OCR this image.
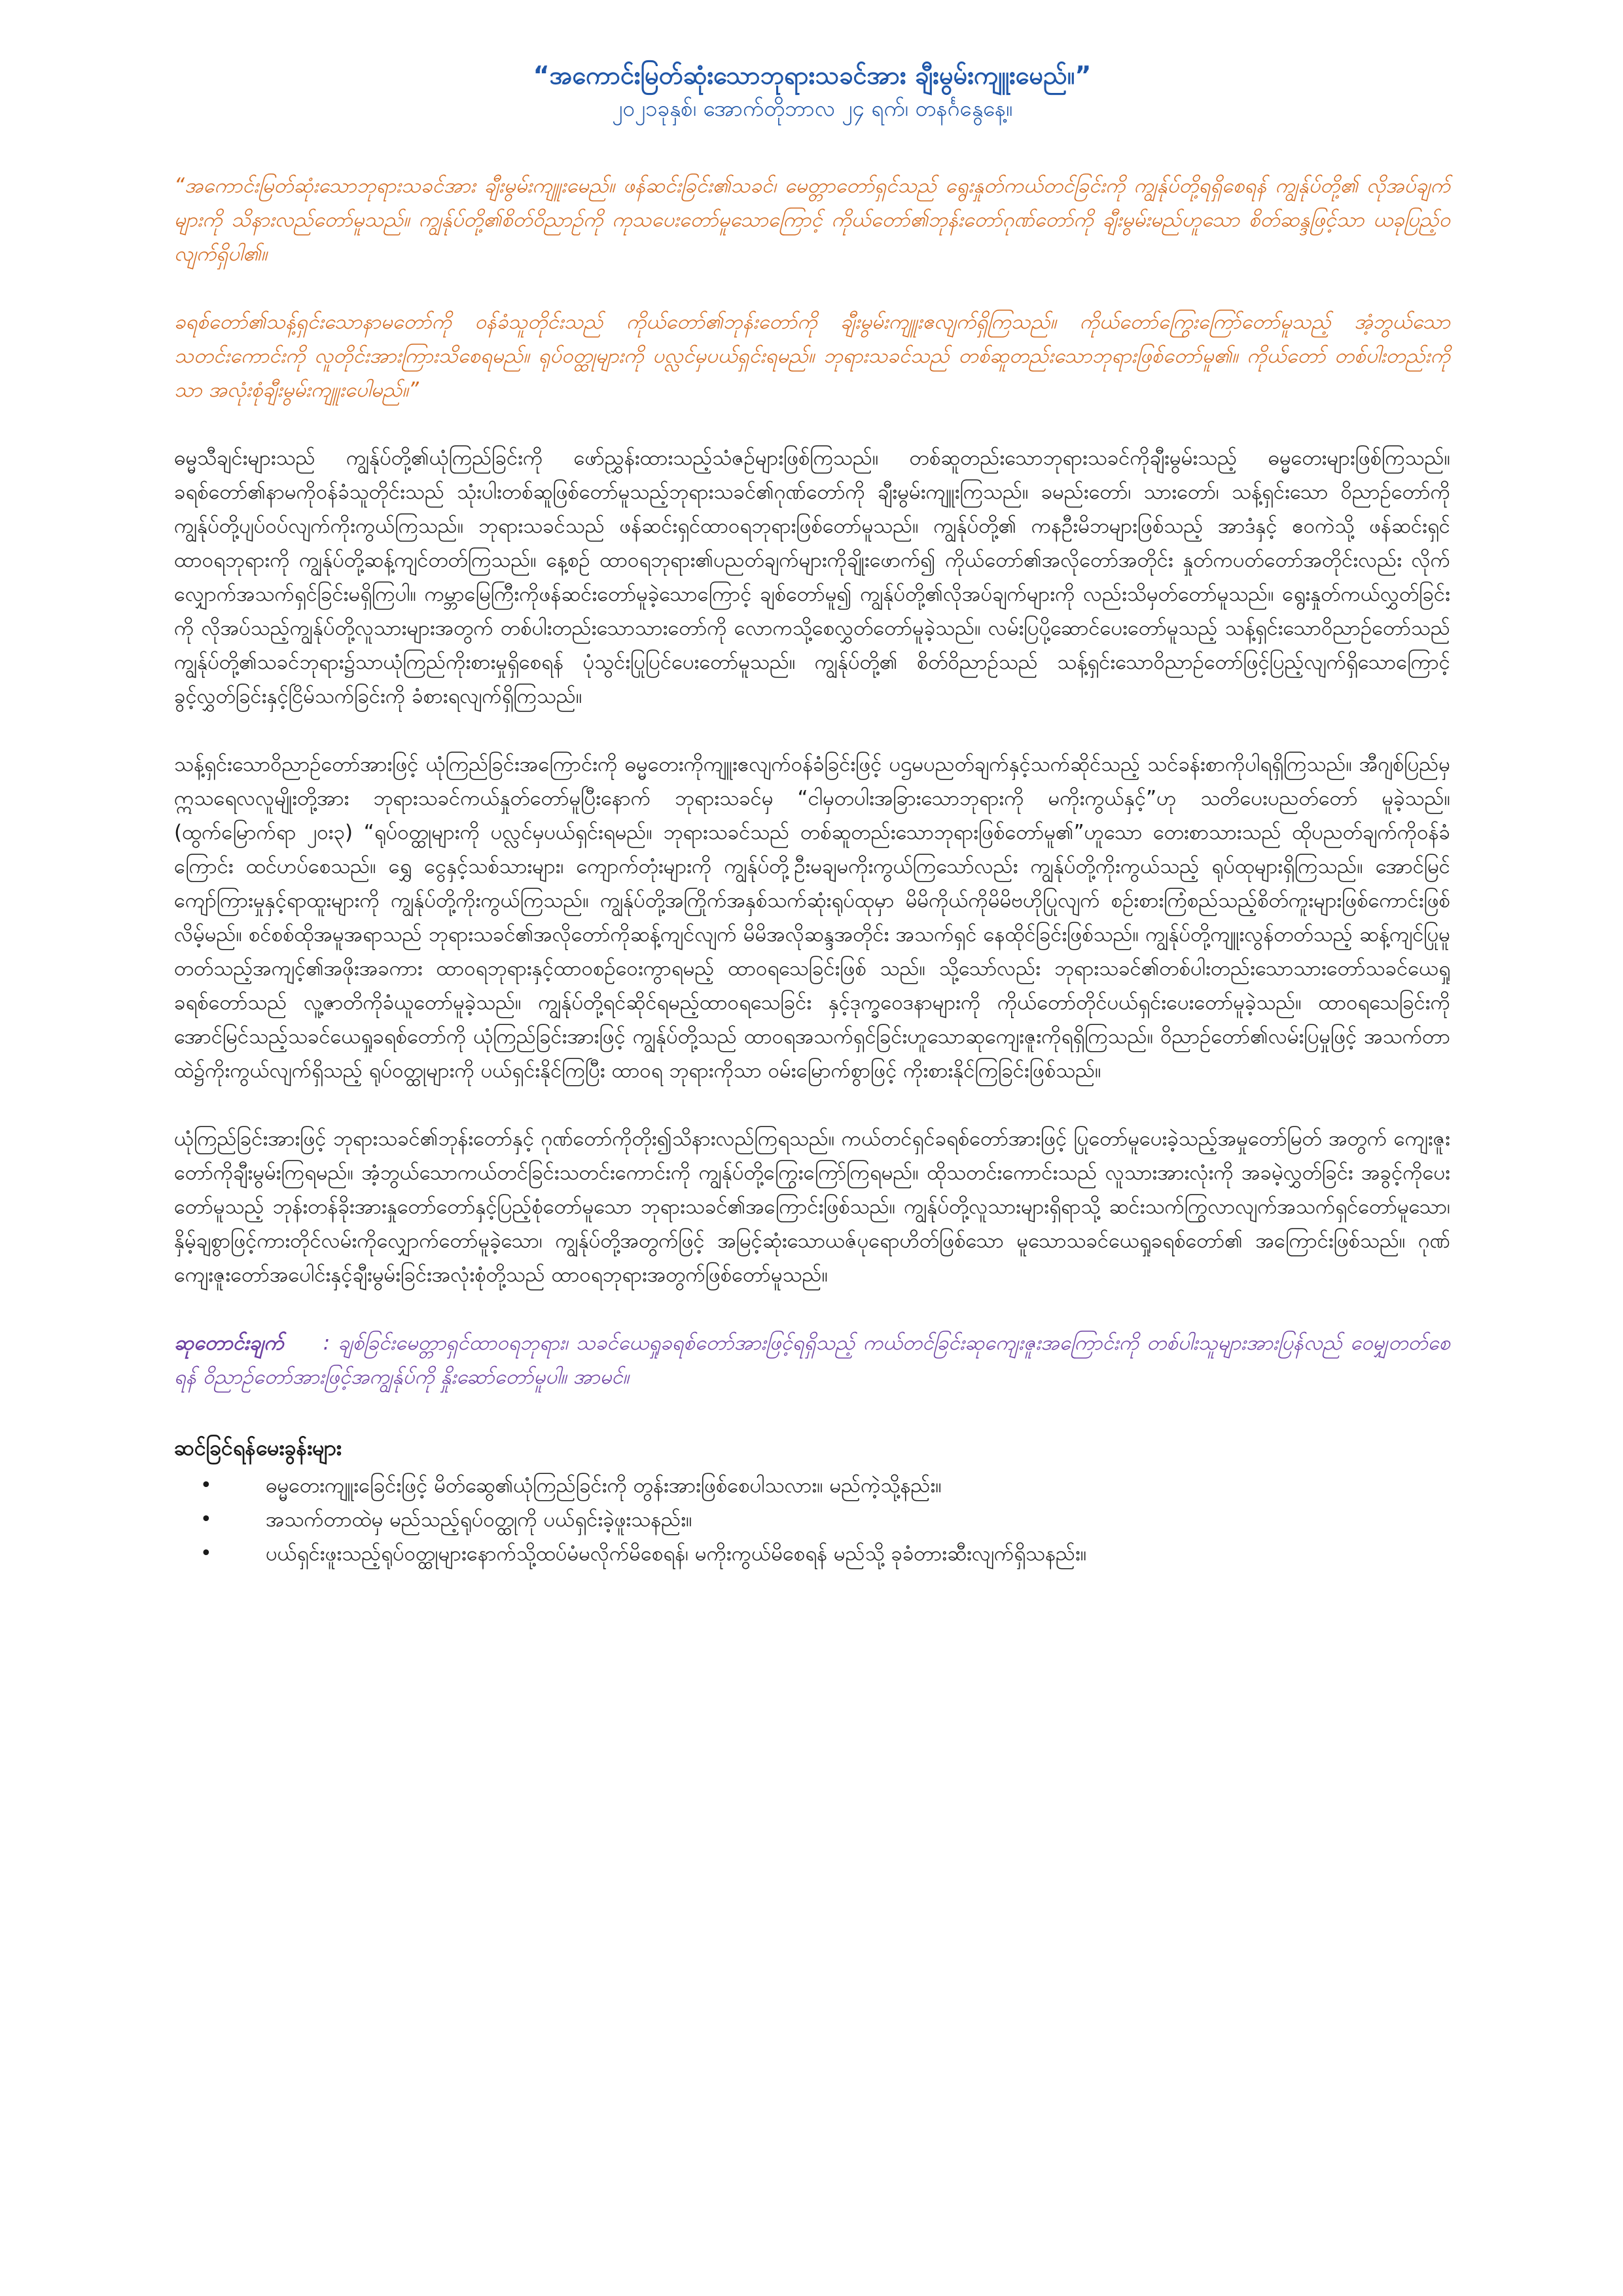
“အကောင်းမြတ်ဆုံးသောဘုရားသခင်အား ချီးမွမ်းကျူးမေည်။”

၂၀၂၁ခုနှစ်၊ အောက်တိုဘာလ ၂၄ ရက်၊ တနင်္ဂနွေနေ့။

“အကောင်းမြတ်ဆုံးသောဘုရားသခင်အား ချီးမွမ်းကျူးမေည်။ ဖန်ဆင်းခြင်း၏သခင်၊ မေတ္တာတော်ရှင်သည် ရွေးနှုတ်ကယ်တင်ခြင်းကို ကျွန်ုပ်တို့ရရှိစေရန် ကျွန်ုပ်တို့၏ လိုအပ်ချက်များကို သိနားလည်တော်မူသည်။ ကျွန်ုပ်တို့၏စိတ်ဝိညာဉ်ကို ကုသပေးတော်မူသောကြောင့် ကိုယ်တော်၏ဘုန်းတော်ဂုဏ်တော်ကို ချီးမွမ်းမည်ဟူသော စိတ်ဆန္ဒဖြင့်သာ ယခုပြည့်ဝလျက်ရှိပါ၏။

ခရစ်တော်၏သန့်ရှင်းသောနာမတော်ကို ဝန်ခံသူတိုင်းသည် ကိုယ်တော်၏ဘုန်းတော်ကို ချီးမွမ်းကျူးဧလျက်ရှိကြသည်။ ကိုယ်တော်ကြွေးကြော်တော်မူသည့် အံ့ဘွယ်သော သတင်းကောင်းကို လူတိုင်းအားကြားသိစေရမည်။ ရုပ်ဝတ္ထုများကို ပလ္လင်မှပယ်ရှင်းရမည်။ ဘုရားသခင်သည် တစ်ဆူတည်းသောဘုရားဖြစ်တော်မူ၏။ ကိုယ်တော် တစ်ပါးတည်းကိုသာ အလုံးစုံချီးမွမ်းကျူးပေါမည်။”

ဓမ္မသီချင်းများသည် ကျွန်ုပ်တို့၏ယုံကြည်ခြင်းကို ဖော်ညွှန်းထားသည့်သံဇဉ်များဖြစ်ကြသည်။ တစ်ဆူတည်းသောဘုရားသခင်ကိုချီးမွမ်းသည့် ဓမ္မတေးများဖြစ်ကြသည်။ ခရစ်တော်၏နာမကိုဝန်ခံသူတိုင်းသည် သုံးပါးတစ်ဆူဖြစ်တော်မူသည့်ဘုရားသခင်၏ဂုဏ်တော်ကို ချီးမွမ်းကျူးကြသည်။ ခမည်းတော်၊ သားတော်၊ သန့်ရှင်းသော ဝိညာဉ်တော်ကို ကျွန်ုပ်တို့ပျပ်ဝပ်လျက်ကိုးကွယ်ကြသည်။ ဘုရားသခင်သည် ဖန်ဆင်းရှင်ထာဝရဘုရားဖြစ်တော်မူသည်။ ကျွန်ုပ်တို့၏ ကနဦးမိဘများဖြစ်သည့် အာဒံနှင့် ဧဝကဲသို့ ဖန်ဆင်းရှင်ထာဝရဘုရားကို ကျွန်ုပ်တို့ဆန့်ကျင်တတ်ကြသည်။ နေ့စဉ် ထာဝရဘုရား၏ပညတ်ချက်များကိုချိုးဖောက်၍ ကိုယ်တော်၏အလိုတော်အတိုင်း နှုတ်ကပတ်တော်အတိုင်းလည်း လိုက်လျှောက်အသက်ရှင်ခြင်းမရှိကြပါ။ ကမ္ဘာမြေကြီးကိုဖန်ဆင်းတော်မူခဲ့သောကြောင့် ချစ်တော်မူ၍ ကျွန်ုပ်တို့၏လိုအပ်ချက်များကို လည်းသိမှတ်တော်မူသည်။ ရွေးနှုတ်ကယ်လွှတ်ခြင်းကို လိုအပ်သည့်ကျွန်ုပ်တို့လူသားများအတွက် တစ်ပါးတည်းသောသားတော်ကို လောကသို့စေလွှတ်တော်မူခဲ့သည်။ လမ်းပြပို့ဆောင်ပေးတော်မူသည့် သန့်ရှင်းသောဝိညာဉ်တော်သည် ကျွန်ုပ်တို့၏သခင်ဘုရား၌သာယုံကြည်ကိုးစားမှုရှိစေရန် ပုံသွင်းပြုပြင်ပေးတော်မူသည်။ ကျွန်ုပ်တို့၏ စိတ်ဝိညာဉ်သည် သန့်ရှင်းသောဝိညာဉ်တော်ဖြင့်ပြည့်လျက်ရှိသောကြောင့် ခွင့်လွှတ်ခြင်းနှင့်ငြိမ်သက်ခြင်းကို ခံစားရလျက်ရှိကြသည်။

သန့်ရှင်းသောဝိညာဉ်တော်အားဖြင့် ယုံကြည်ခြင်းအကြောင်းကို ဓမ္မတေးကိုကျူးဧလျက်ဝန်ခံခြင်းဖြင့် ပဌမပညတ်ချက်နှင့်သက်ဆိုင်သည့် သင်ခန်းစာကိုပါရရှိကြသည်။ အီဂျစ်ပြည်မှ ဣသရေလလူမျိုးတို့အား ဘုရားသခင်ကယ်နှုတ်တော်မူပြီးနောက် ဘုရားသခင်မှ “ငါမှတပါးအခြားသောဘုရားကို မကိုးကွယ်နှင့်”ဟု သတိပေးပညတ်တော် မူခဲ့သည်။ (ထွက်မြောက်ရာ ၂၀း၃) “ရုပ်ဝတ္ထုများကို ပလ္လင်မှပယ်ရှင်းရမည်။ ဘုရားသခင်သည် တစ်ဆူတည်းသောဘုရားဖြစ်တော်မူ၏”ဟူသော တေးစာသားသည် ထိုပညတ်ချက်ကိုဝန်ခံကြောင်း ထင်ဟပ်စေသည်။ ရွှေ ငွေနှင့်သစ်သားများ၊ ကျောက်တုံးများကို ကျွန်ုပ်တို့ဦးမချမကိုးကွယ်ကြသော်လည်း ကျွန်ုပ်တို့ကိုးကွယ်သည့် ရုပ်ထုများရှိကြသည်။ အောင်မြင်ကျော်ကြားမှုနှင့်ရာထူးများကို ကျွန်ုပ်တို့ကိုးကွယ်ကြသည်။ ကျွန်ုပ်တို့အကြိုက်အနှစ်သက်ဆုံးရုပ်ထုမှာ မိမိကိုယ်ကိုမိမိဗဟိုပြုလျက် စဉ်းစားကြံစည်သည့်စိတ်ကူးများဖြစ်ကောင်းဖြစ်လိမ့်မည်။ စင်စစ်ထိုအမူအရာသည် ဘုရားသခင်၏အလိုတော်ကိုဆန့်ကျင်လျက် မိမိအလိုဆန္ဒအတိုင်း အသက်ရှင် နေထိုင်ခြင်းဖြစ်သည်။ ကျွန်ုပ်တို့ကျူးလွန်တတ်သည့် ဆန့်ကျင်ပြုမူတတ်သည့်အကျင့်၏အဖိုးအခကား ထာဝရဘုရားနှင့်ထာဝစဉ်ဝေးကွာရမည့် ထာဝရသေခြင်းဖြစ် သည်။ သို့သော်လည်း ဘုရားသခင်၏တစ်ပါးတည်းသောသားတော်သခင်ယေရှုခရစ်တော်သည် လူ့ဇာတိကိုခံယူတော်မူခဲ့သည်။ ကျွန်ုပ်တို့ရင်ဆိုင်ရမည့်ထာဝရသေခြင်း နှင့်ဒုက္ခဝေဒနာများကို ကိုယ်တော်တိုင်ပယ်ရှင်းပေးတော်မူခဲ့သည်။ ထာဝရသေခြင်းကို အောင်မြင်သည့်သခင်ယေရှုခရစ်တော်ကို ယုံကြည်ခြင်းအားဖြင့် ကျွန်ုပ်တို့သည် ထာဝရအသက်ရှင်ခြင်းဟူသောဆုကျေးဇူးကိုရရှိကြသည်။ ဝိညာဉ်တော်၏လမ်းပြမှုဖြင့် အသက်တာထဲ၌ကိုးကွယ်လျက်ရှိသည့် ရုပ်ဝတ္ထုများကို ပယ်ရှင်းနိုင်ကြပြီး ထာဝရ ဘုရားကိုသာ ဝမ်းမြောက်စွာဖြင့် ကိုးစားနိုင်ကြခြင်းဖြစ်သည်။

ယုံကြည်ခြင်းအားဖြင့် ဘုရားသခင်၏ဘုန်းတော်နှင့် ဂုဏ်တော်ကိုတိုး၍သိနားလည်ကြရသည်။ ကယ်တင်ရှင်ခရစ်တော်အားဖြင့် ပြုတော်မူပေးခဲ့သည့်အမှုတော်မြတ် အတွက် ကျေးဇူးတော်ကိုချီးမွမ်းကြရမည်။ အံ့ဘွယ်သောကယ်တင်ခြင်းသတင်းကောင်းကို ကျွန်ုပ်တို့ကြွေးကြော်ကြရမည်။ ထိုသတင်းကောင်းသည် လူသားအားလုံးကို အခမဲ့လွှတ်ခြင်း အခွင့်ကိုပေးတော်မူသည့် ဘုန်းတန်ခိုးအားနှုတော်တော်နှင့်ပြည့်စုံတော်မူသော ဘုရားသခင်၏အကြောင်းဖြစ်သည်။ ကျွန်ုပ်တို့လူသားများရှိရာသို့ ဆင်းသက်ကြွလာလျက်အသက်ရှင်တော်မူသော၊ နှိမ့်ချစွာဖြင့်ကားတိုင်လမ်းကိုလျှောက်တော်မူခဲ့သော၊ ကျွန်ုပ်တို့အတွက်ဖြင့် အမြင့်ဆုံးသောယဇ်ပုရောဟိတ်ဖြစ်သော မူသောသခင်ယေရှုခရစ်တော်၏ အကြောင်းဖြစ်သည်။ ဂုဏ်ကျေးဇူးတော်အပေါင်းနှင့်ချီးမွမ်းခြင်းအလုံးစုံတို့သည် ထာဝရဘုရားအတွက်ဖြစ်တော်မူသည်။

ဆုတောင်းချက် : ချစ်ခြင်းမေတ္တာရှင်ထာဝရဘုရား၊ သခင်ယေရှုခရစ်တော်အားဖြင့်ရရှိသည့် ကယ်တင်ခြင်းဆုကျေးဇူးအကြောင်းကို တစ်ပါးသူများအားပြန်လည် ဝေမျှတတ်စေရန် ဝိညာဉ်တော်အားဖြင့်အကျွန်ုပ်ကို နှိုးဆော်တော်မူပါ။ အာမင်။

ဆင်ခြင်ရန်မေးခွန်းများ

•	ဓမ္မတေးကျူးခြေင်းဖြင့် မိတ်ဆွေ၏ယုံကြည်ခြင်းကို တွန်းအားဖြစ်စေပါသလား။ မည်ကဲ့သို့နည်း။
•	အသက်တာထဲမှ မည်သည့်ရုပ်ဝတ္ထုကို ပယ်ရှင်းခဲ့ဖူးသနည်း။
•	ပယ်ရှင်းဖူးသည့်ရုပ်ဝတ္ထုများနောက်သို့ထပ်မံမလိုက်မိစေရန်၊ မကိုးကွယ်မိစေရန် မည်သို့ ခုခံတားဆီးလျက်ရှိသနည်း။
